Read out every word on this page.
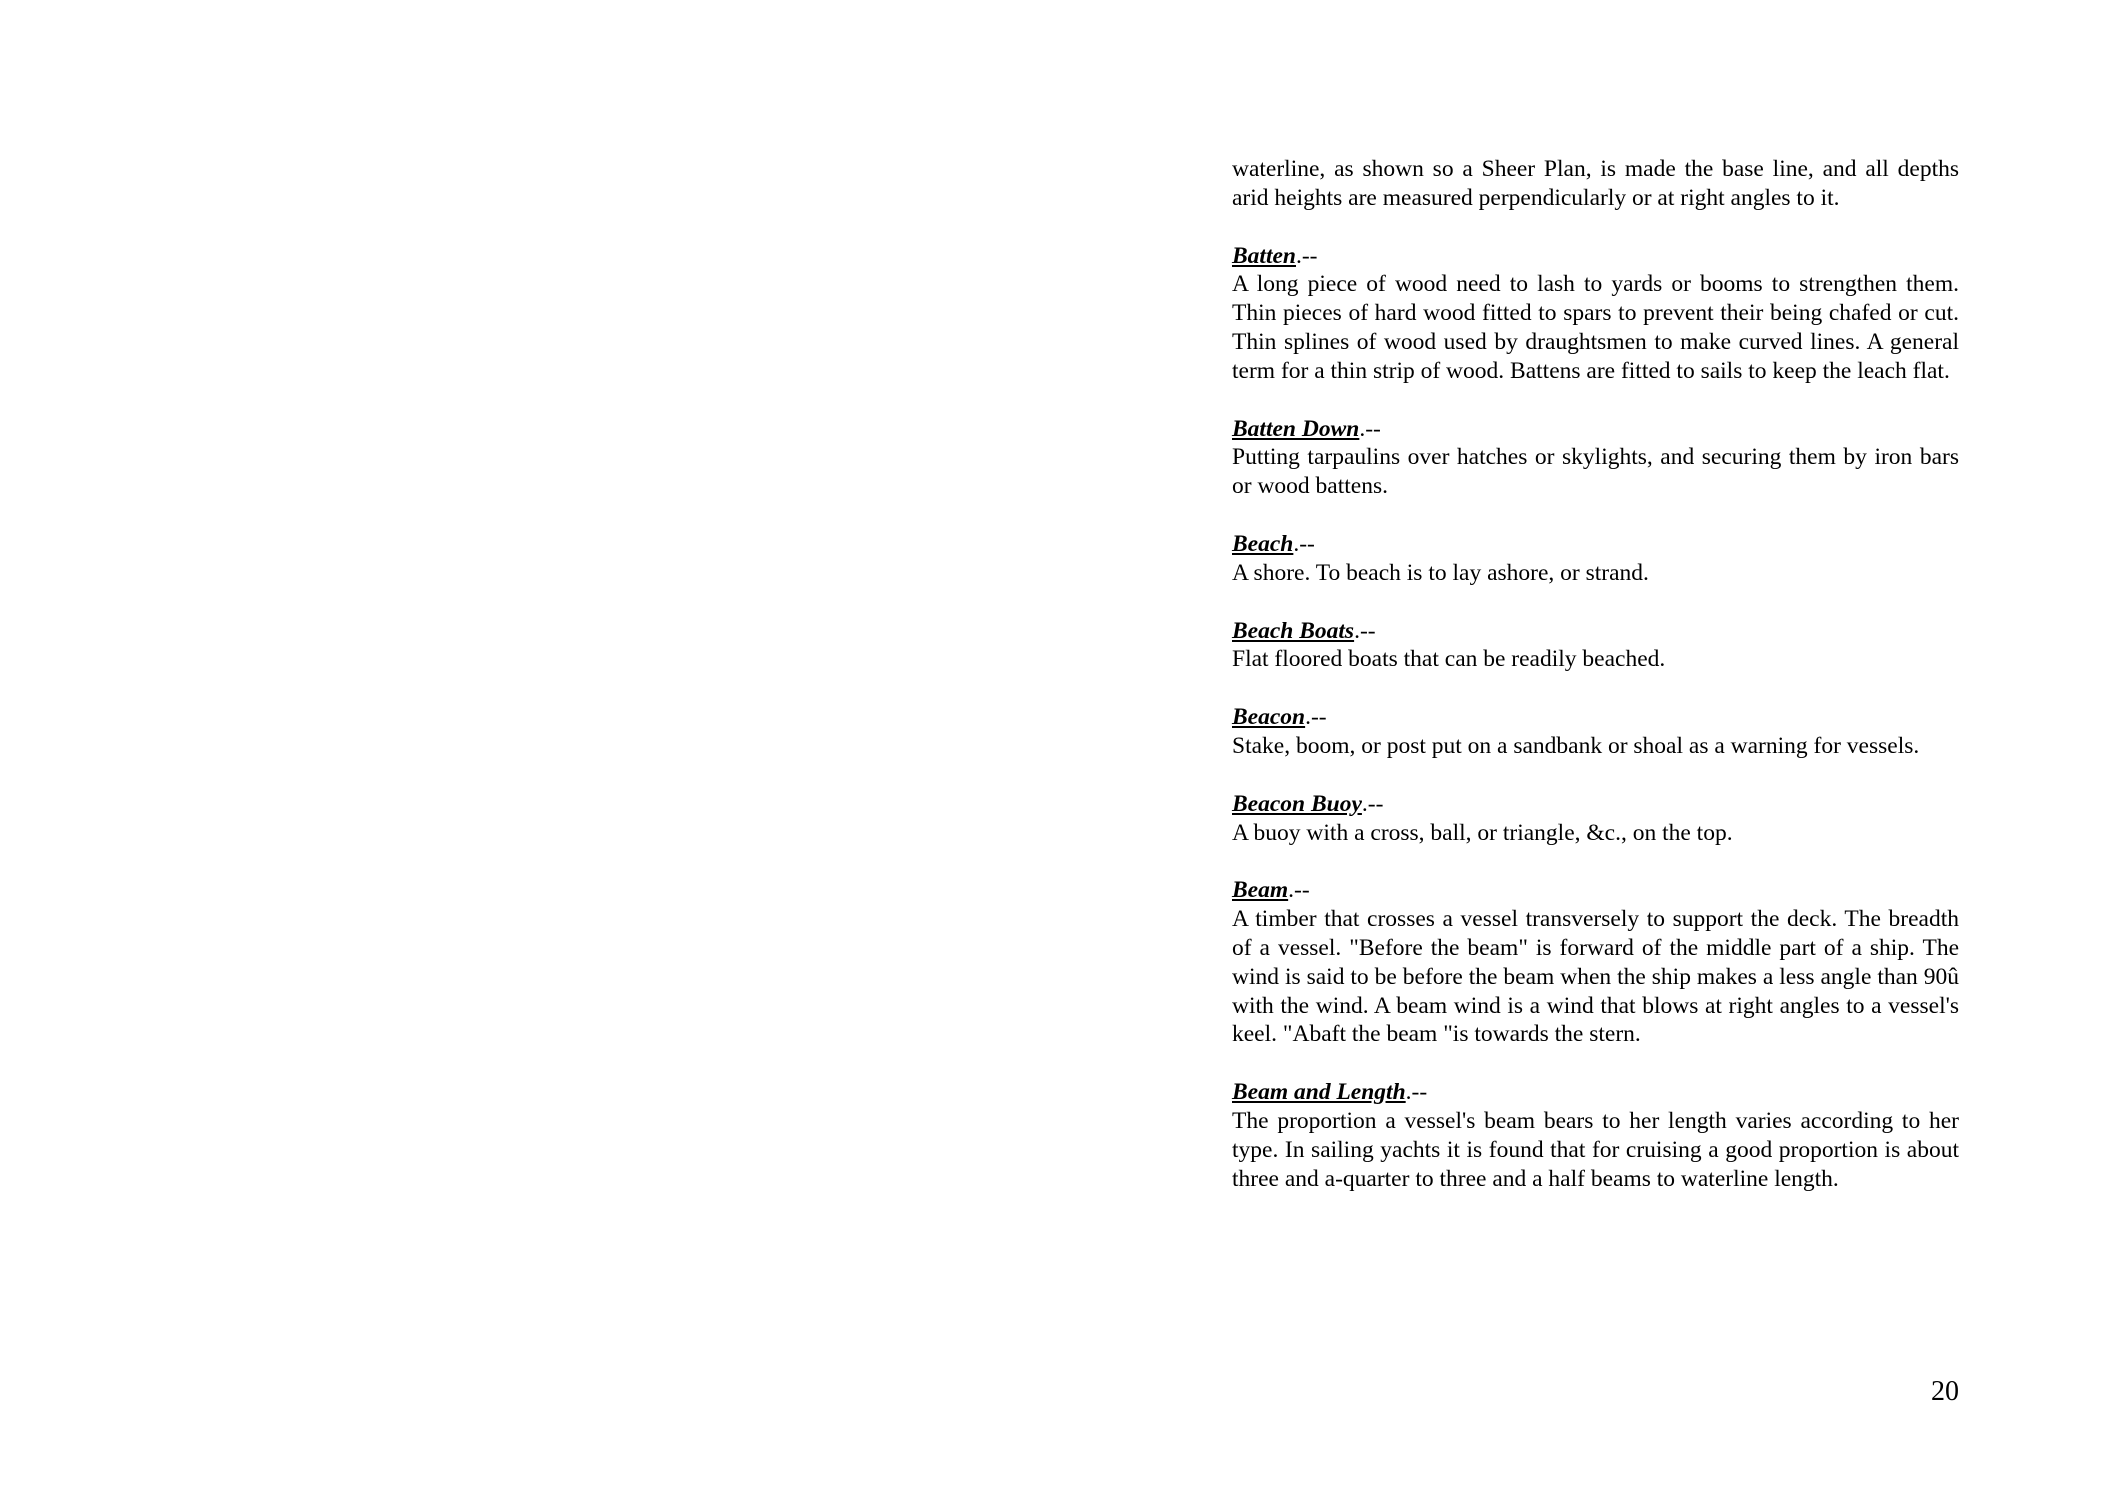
waterline, as shown so a Sheer Plan, is made the base line, and all depths arid heights are measured perpendicularly or at right angles to it.

Batten.--

A long piece of wood need to lash to yards or booms to strengthen them. Thin pieces of hard wood fitted to spars to prevent their being chafed or cut. Thin splines of wood used by draughtsmen to make curved lines. A general term for a thin strip of wood. Battens are fitted to sails to keep the leach flat.

Batten Down.--

Putting tarpaulins over hatches or skylights, and securing them by iron bars or wood battens.

Beach.--

A shore. To beach is to lay ashore, or strand.

Beach Boats.--

Flat floored boats that can be readily beached.

Beacon.--

Stake, boom, or post put on a sandbank or shoal as a warning for vessels.

Beacon Buoy.--

A buoy with a cross, ball, or triangle, &c., on the top.

Beam.--

A timber that crosses a vessel transversely to support the deck. The breadth of a vessel. "Before the beam" is forward of the middle part of a ship. The wind is said to be before the beam when the ship makes a less angle than 90û with the wind. A beam wind is a wind that blows at right angles to a vessel's keel. "Abaft the beam "is towards the stern.

Beam and Length.--

The proportion a vessel's beam bears to her length varies according to her type. In sailing yachts it is found that for cruising a good proportion is about three and a-quarter to three and a half beams to waterline length.

20
